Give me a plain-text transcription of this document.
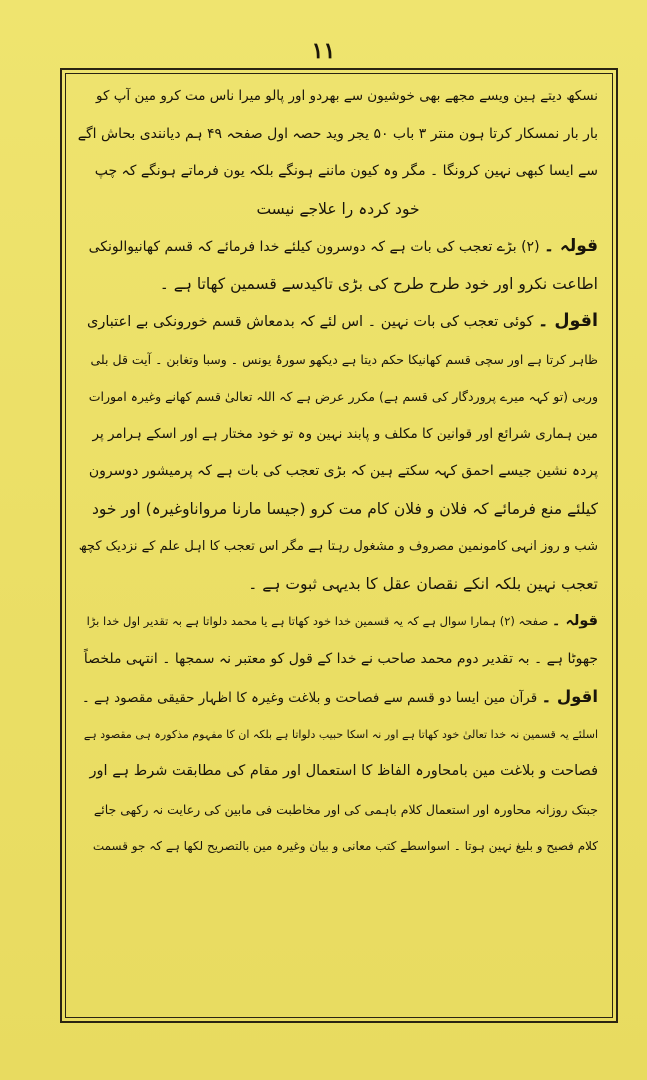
۱۱
نسکھ دیتے ہین ویسے مجھے بھی خوشیون سے بھردو اور پالو میرا ناس مت کرو مین آپ کو
بار بار نمسکار کرتا ہون منتر ۳ باب ۵۰ یجر وید حصہ اول صفحہ ۴۹ ہم دیانندی بحاش اگے
سے ایسا کبھی نہین کرونگا ۔ مگر وہ کیون ماننے ہونگے بلکہ یون فرماتے ہونگے کہ چپ
خود کردہ را علاجے نیست
قولہ ۔ (۲) بڑے تعجب کی بات ہے کہ دوسرون کیلئے خدا فرمائے کہ قسم کھانیوالونکی
اطاعت نکرو اور خود طرح طرح کی بڑی تاکیدسے قسمین کھاتا ہے ۔
اقول ۔ کوئی تعجب کی بات نہین ۔ اس لئے کہ بدمعاش قسم خورونکی بے اعتباری
ظاہر کرتا ہے اور سچی قسم کھانیکا حکم دیتا ہے دیکھو سورۂ یونس ۔ وسبا وتغابن ۔ آیت قل بلی
وربی (تو کہہ میرے پروردگار کی قسم ہے) مکرر عرض ہے کہ اللہ تعالیٰ قسم کھانے وغیرہ امورات
مین ہماری شرائع اور قوانین کا مکلف و پابند نہین وہ تو خود مختار ہے اور اسکے ہرامر پر
پردہ نشین جیسے احمق کہہ سکتے ہین کہ بڑی تعجب کی بات ہے کہ پرمیشور دوسرون
کیلئے منع فرمائے کہ فلان و فلان کام مت کرو (جیسا مارنا مرواناوغیرہ) اور خود
شب و روز انہی کامونمین مصروف و مشغول رہتا ہے مگر اس تعجب کا اہل علم کے نزدیک کچھ
تعجب نہین بلکہ انکے نقصان عقل کا بدیہی ثبوت ہے ۔
قولہ ۔ صفحہ (۲) ہمارا سوال ہے کہ یہ قسمین خدا خود کھاتا ہے یا محمد دلواتا ہے بہ تقدیر اول خدا بڑا
جھوٹا ہے ۔ بہ تقدیر دوم محمد صاحب نے خدا کے قول کو معتبر نہ سمجھا ۔ انتہی ملخصاً
اقول ۔ قرآن مین ایسا دو قسم سے فصاحت و بلاغت وغیرہ کا اظہار حقیقی مقصود ہے ۔
اسلئے یہ قسمین نہ خدا تعالیٰ خود کھاتا ہے اور نہ اسکا حبیب دلواتا ہے بلکہ ان کا مفہوم مذکورہ ہی مقصود ہے
فصاحت و بلاغت مین بامحاورہ الفاظ کا استعمال اور مقام کی مطابقت شرط ہے اور
جبتک روزانہ محاورہ اور استعمال کلام باہمی کی اور مخاطبت فی مابین کی رعایت نہ رکھی جائے
کلام فصیح و بلیغ نہین ہوتا ۔ اسواسطے کتب معانی و بیان وغیرہ مین بالتصریح لکھا ہے کہ جو قسمت
